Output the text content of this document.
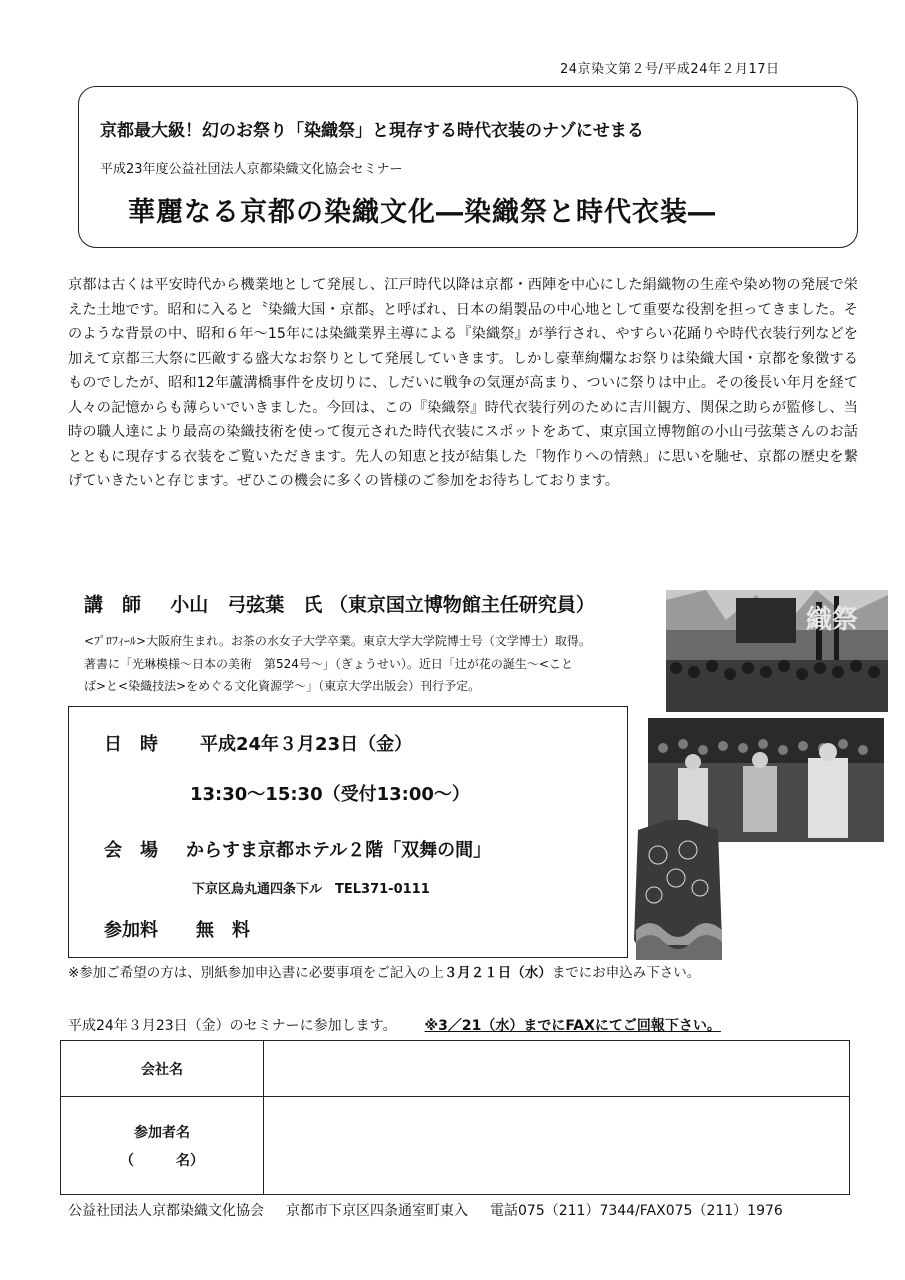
24京染文第２号/平成24年２月17日
京都最大級！幻のお祭り「染織祭」と現存する時代衣装のナゾにせまる
平成23年度公益社団法人京都染織文化協会セミナー
華麗なる京都の染織文化―染織祭と時代衣装―

京都は古くは平安時代から機業地として発展し、江戸時代以降は京都・西陣を中心にした絹織物の生産や染め物の発展で栄えた土地です。昭和に入ると〝染織大国・京都〟と呼ばれ、日本の絹製品の中心地として重要な役割を担ってきました。そのような背景の中、昭和６年～15年には染織業界主導による『染織祭』が挙行され、やすらい花踊りや時代衣装行列などを加えて京都三大祭に匹敵する盛大なお祭りとして発展していきます。しかし豪華絢爛なお祭りは染織大国・京都を象徴するものでしたが、昭和12年蘆溝橋事件を皮切りに、しだいに戦争の気運が高まり、ついに祭りは中止。その後長い年月を経て人々の記憶からも薄らいでいきました。今回は、この『染織祭』時代衣装行列のために吉川観方、関保之助らが監修し、当時の職人達により最高の染織技術を使って復元された時代衣装にスポットをあて、東京国立博物館の小山弓弦葉さんのお話とともに現存する衣装をご覧いただきます。先人の知恵と技が結集した「物作りへの情熱」に思いを馳せ、京都の歴史を繋げていきたいと存じます。ぜひこの機会に多くの皆様のご参加をお待ちしております。

講　師 小山　弓弦葉　氏 （東京国立博物館主任研究員）
<ﾌﾟﾛﾌｨｰﾙ>大阪府生まれ。お茶の水女子大学卒業。東京大学大学院博士号（文学博士）取得。
著書に「光琳模様～日本の美術　第524号～」（ぎょうせい）。近日「辻が花の誕生～<こと
ば>と<染織技法>をめぐる文化資源学～」（東京大学出版会）刊行予定。
織祭
日　時 平成24年３月23日（金）
13:30～15:30（受付13:00～）
会　場 からすま京都ホテル２階「双舞の間」
下京区烏丸通四条下ル　TEL371-0111
参加料 無　料
※参加ご希望の方は、別紙参加申込書に必要事項をご記入の上３月２１日（水）までにお申込み下さい。
平成24年３月23日（金）のセミナーに参加します。 ※3／21（水）までにFAXにてご回報下さい。
会社名	

参加者名
（　　　名）	

公益社団法人京都染織文化協会 京都市下京区四条通室町東入 電話075（211）7344/FAX075（211）1976
